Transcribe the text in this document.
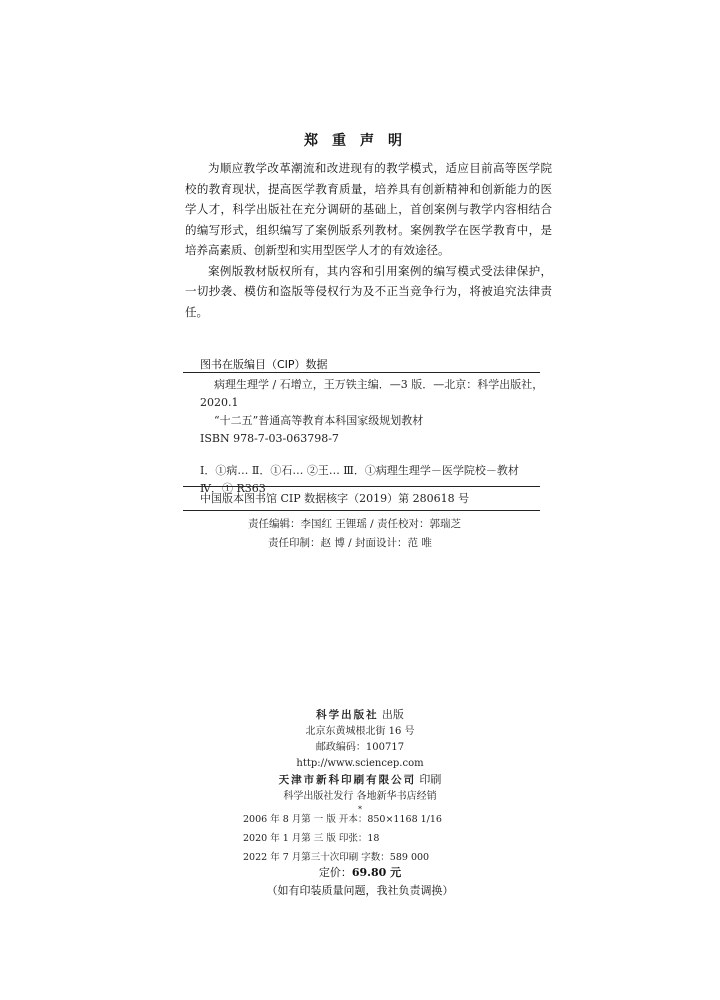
郑重声明

为顺应教学改革潮流和改进现有的教学模式，适应目前高等医学院校的教育现状，提高医学教育质量，培养具有创新精神和创新能力的医学人才，科学出版社在充分调研的基础上，首创案例与教学内容相结合的编写形式，组织编写了案例版系列教材。案例教学在医学教育中，是培养高素质、创新型和实用型医学人才的有效途径。

案例版教材版权所有，其内容和引用案例的编写模式受法律保护，一切抄袭、模仿和盗版等侵权行为及不正当竞争行为，将被追究法律责任。

图书在版编目（CIP）数据
病理生理学 / 石增立，王万铁主编．—3 版．—北京：科学出版社，
2020.1
“十二五”普通高等教育本科国家级规划教材
ISBN 978-7-03-063798-7
Ⅰ．①病… Ⅱ．①石… ②王… Ⅲ．①病理生理学－医学院校－教材
Ⅳ．① R363
中国版本图书馆 CIP 数据核字（2019）第 280618 号
责任编辑：李国红 王锂瑶 / 责任校对：郭瑞芝
责任印制：赵 博 / 封面设计：范 唯
科学出版社 出版
北京东黄城根北街 16 号
邮政编码：100717
http://www.sciencep.com
天津市新科印刷有限公司 印刷
科学出版社发行 各地新华书店经销
*
2006 年 8 月第 一 版 开本：850×1168 1/16
2020 年 1 月第 三 版 印张：18
2022 年 7 月第三十次印刷 字数：589 000
定价：69.80 元
（如有印装质量问题，我社负责调换）
